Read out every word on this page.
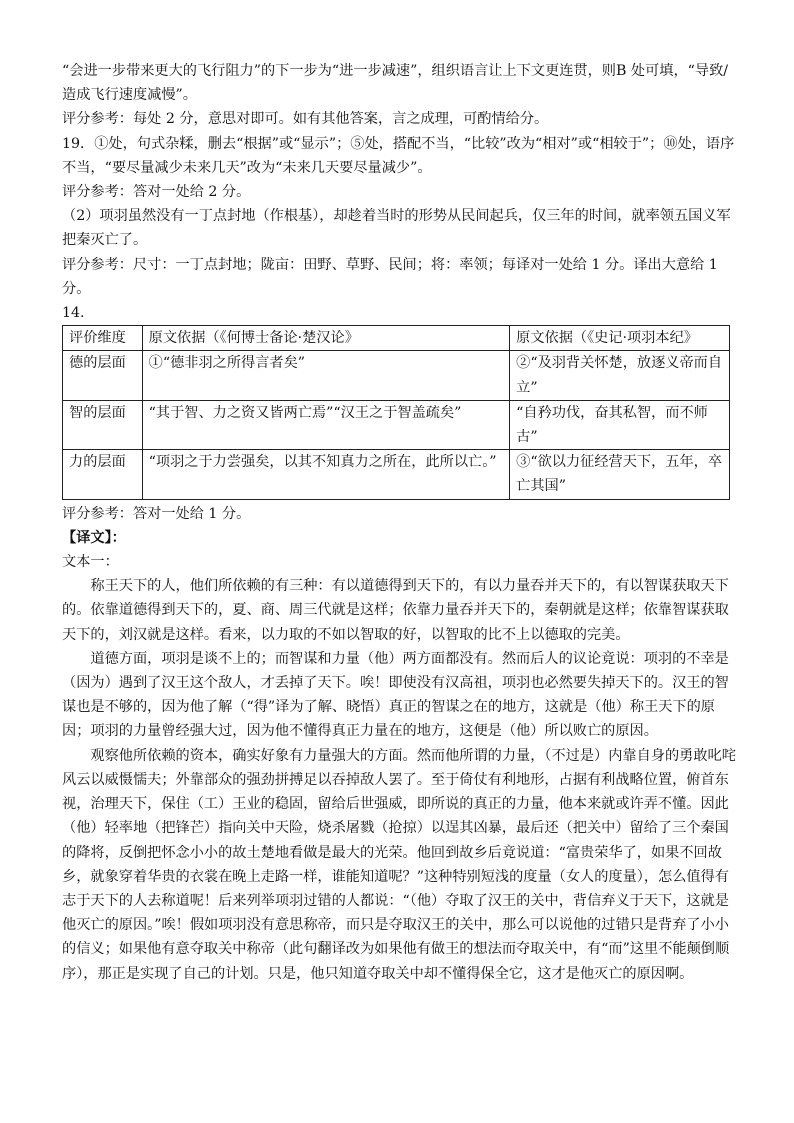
“会进一步带来更大的飞行阻力”的下一步为“进一步减速”，组织语言让上下文更连贯，则B 处可填，“导致/造成飞行速度减慢”。

评分参考：每处 2 分，意思对即可。如有其他答案，言之成理，可酌情给分。

19．①处，句式杂糅，删去“根据”或“显示”；⑤处，搭配不当，“比较”改为“相对”或“相较于”；⑩处，语序不当，“要尽量减少未来几天”改为“未来几天要尽量减少”。

评分参考：答对一处给 2 分。

（2）项羽虽然没有一丁点封地（作根基），却趁着当时的形势从民间起兵，仅三年的时间，就率领五国义军把秦灭亡了。

评分参考：尺寸：一丁点封地；陇亩：田野、草野、民间；将：率领；每译对一处给 1 分。译出大意给 1 分。

14.

评价维度	原文依据（《何博士备论·楚汉论》	原文依据（《史记·项羽本纪》
德的层面	①“德非羽之所得言者矣”	②“及羽背关怀楚，放逐义帝而自立”
智的层面	“其于智、力之资又皆两亡焉”“汉王之于智盖疏矣”	“自矜功伐，奋其私智，而不师古”
力的层面	“项羽之于力尝强矣，以其不知真力之所在，此所以亡。”	③“欲以力征经营天下，五年，卒亡其国”

评分参考：答对一处给 1 分。

【译文】：

文本一：

称王天下的人，他们所依赖的有三种：有以道德得到天下的，有以力量吞并天下的，有以智谋获取天下的。依靠道德得到天下的，夏、商、周三代就是这样；依靠力量吞并天下的，秦朝就是这样；依靠智谋获取天下的，刘汉就是这样。看来，以力取的不如以智取的好，以智取的比不上以德取的完美。

道德方面，项羽是谈不上的；而智谋和力量（他）两方面都没有。然而后人的议论竟说：项羽的不幸是（因为）遇到了汉王这个敌人，才丢掉了天下。唉！即使没有汉高祖，项羽也必然要失掉天下的。汉王的智谋也是不够的，因为他了解（“得”译为了解、晓悟）真正的智谋之在的地方，这就是（他）称王天下的原因；项羽的力量曾经强大过，因为他不懂得真正力量在的地方，这便是（他）所以败亡的原因。

观察他所依赖的资本，确实好象有力量强大的方面。然而他所谓的力量，（不过是）内靠自身的勇敢叱咤风云以威慑懦夫；外靠部众的强劲拼搏足以吞掉敌人罢了。至于倚仗有利地形，占据有利战略位置，俯首东视，治理天下，保住（工）王业的稳固，留给后世强威，即所说的真正的力量，他本来就或许弄不懂。因此（他）轻率地（把锋芒）指向关中天险，烧杀屠戮（抢掠）以逞其凶暴，最后还（把关中）留给了三个秦国的降将，反倒把怀念小小的故土楚地看做是最大的光荣。他回到故乡后竟说道：“富贵荣华了，如果不回故乡，就象穿着华贵的衣裳在晚上走路一样，谁能知道呢？”这种特别短浅的度量（女人的度量），怎么值得有志于天下的人去称道呢！后来列举项羽过错的人都说：“（他）夺取了汉王的关中，背信弃义于天下，这就是他灭亡的原因。”唉！假如项羽没有意思称帝，而只是夺取汉王的关中，那么可以说他的过错只是背弃了小小的信义；如果他有意夺取关中称帝（此句翻译改为如果他有做王的想法而夺取关中，有“而”这里不能颠倒顺序），那正是实现了自己的计划。只是，他只知道夺取关中却不懂得保全它，这才是他灭亡的原因啊。
